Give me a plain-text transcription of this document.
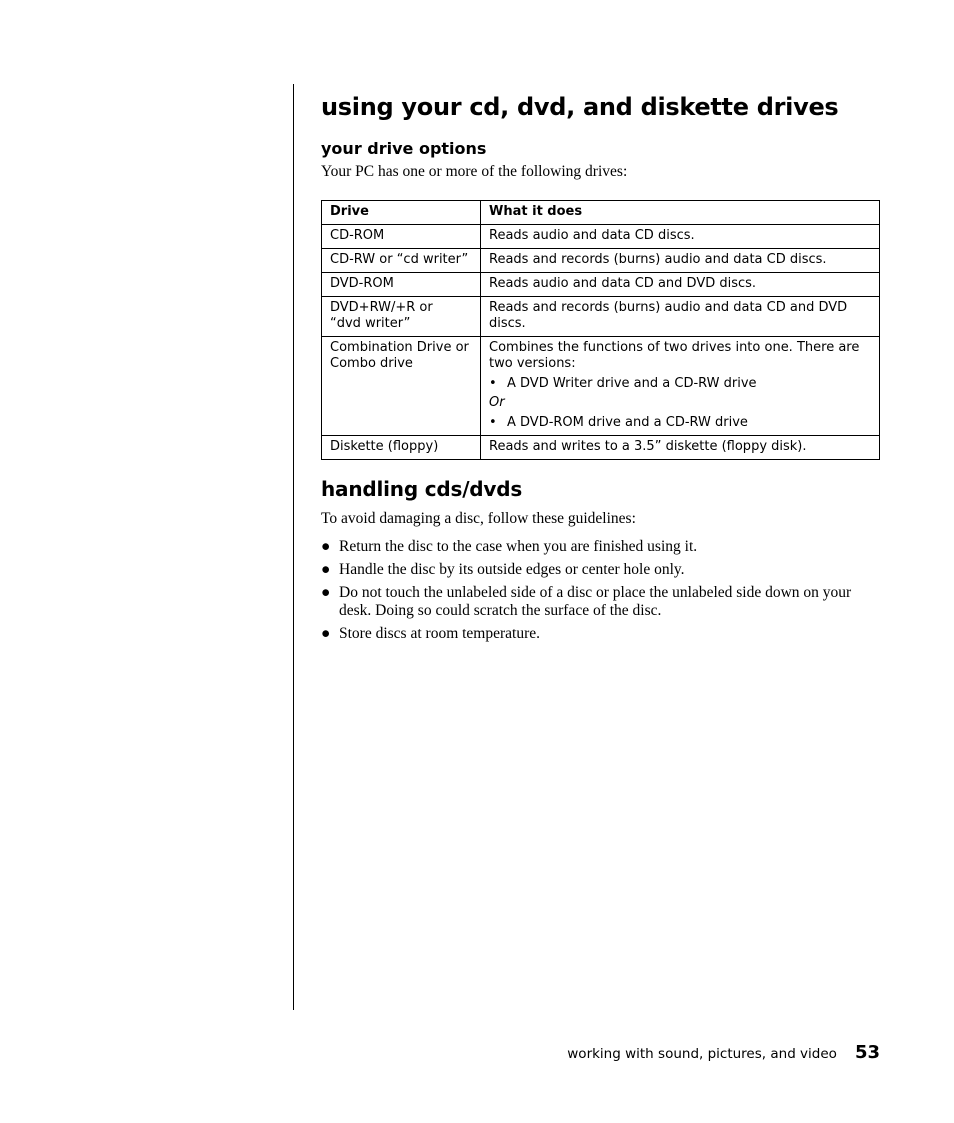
using your cd, dvd, and diskette drives
your drive options

Your PC has one or more of the following drives:

Drive	What it does
CD-ROM	Reads audio and data CD discs.
CD-RW or “cd writer”	Reads and records (burns) audio and data CD discs.
DVD-ROM	Reads audio and data CD and DVD discs.
DVD+RW/+R or “dvd writer”	Reads and records (burns) audio and data CD and DVD discs.
Combination Drive or Combo drive	Combines the functions of two drives into one. There are two versions:
• A DVD Writer drive and a CD-RW drive
Or
• A DVD-ROM drive and a CD-RW drive

Diskette (floppy)	Reads and writes to a 3.5” diskette (floppy disk).
handling cds/dvds

To avoid damaging a disc, follow these guidelines:

● Return the disc to the case when you are finished using it.
● Handle the disc by its outside edges or center hole only.
● Do not touch the unlabeled side of a disc or place the unlabeled side down on your desk. Doing so could scratch the surface of the disc.
● Store discs at room temperature.
working with sound, pictures, and video 53
